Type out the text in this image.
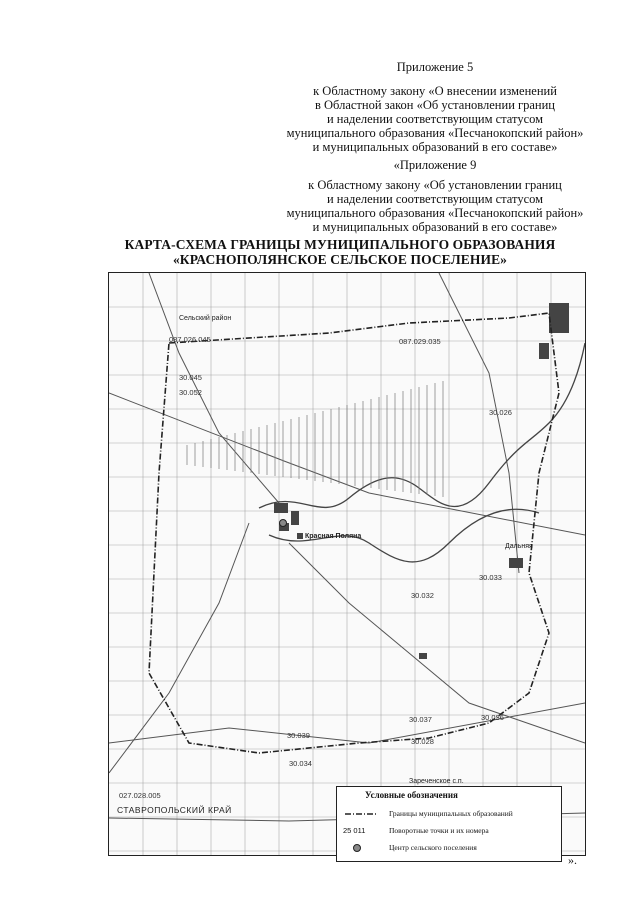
Приложение 5
к Областному закону «О внесении изменений
в Областной закон «Об установлении границ
и наделении соответствующим статусом
муниципального образования «Песчанокопский район»
и муниципальных образований в его составе»
«Приложение 9
к Областному закону «Об установлении границ
и наделении соответствующим статусом
муниципального образования «Песчанокопский район»
и муниципальных образований в его составе»
КАРТА-СХЕМА ГРАНИЦЫ МУНИЦИПАЛЬНОГО ОБРАЗОВАНИЯ
«КРАСНОПОЛЯНСКОЕ СЕЛЬСКОЕ ПОСЕЛЕНИЕ»
Сельский район
Красная Поляна
Дальняя
Зареченское с.п.
СТАВРОПОЛЬСКИЙ КРАЙ
087.026.045	087.029.035
30.045
30.052
30.026
30.033
30.032
30.037	30.036
30.039
30.028
30.034
027.028.005	Условные обозначения
Границы муниципальных образований
25 011	Поворотные точки и их номера
Центр сельского поселения
».
